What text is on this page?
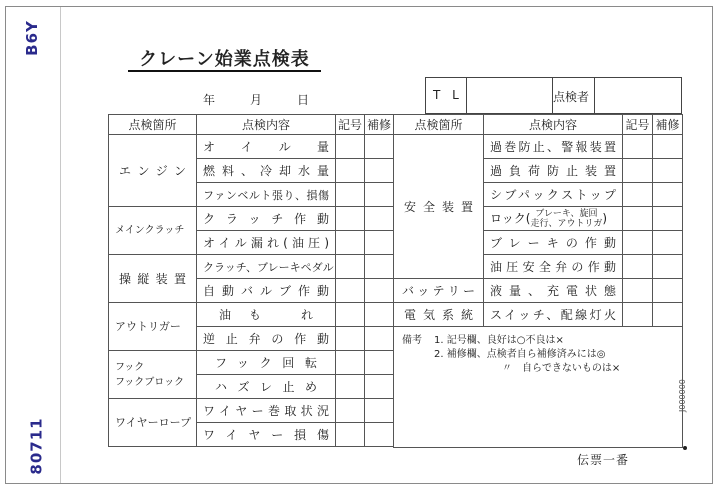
B6Y
80711
クレーン始業点検表
年	月	日	T L	点検者
点検箇所	点検内容	記号	補修
エンジン	オイル量		
	燃料、冷却水量		
	ファンベルト張り、損傷		
メインクラッチ	クラッチ作動		
	オイル漏れ(油圧)		
操縦装置	クラッチ、ブレーキペダル		
	自動バルブ作動		
アウトリガー	油も れ		
	逆止弁の作動		
フック
フックブロック	フック回転		
	ハズレ止め		
ワイヤーロープ	ワイヤー巻取状況		
	ワイヤー損傷		
点検箇所	点検内容	記号	補修
安全装置	過巻防止、警報装置		
	過負荷防止装置		
	シブパックストップ		
	ロック( ブレーキ、旋回
走行、アウトリガ)		
	ブレーキの作動		
	油圧安全弁の作動		
バッテリー	液量、充電状態		
電気系統	スイッチ、配線灯火		

備考 1. 記号欄、良好は○不良は×
2. 補修欄、点検者自ら補修済みには◎
〃　自らできないものは×			
J000000
伝票一番
